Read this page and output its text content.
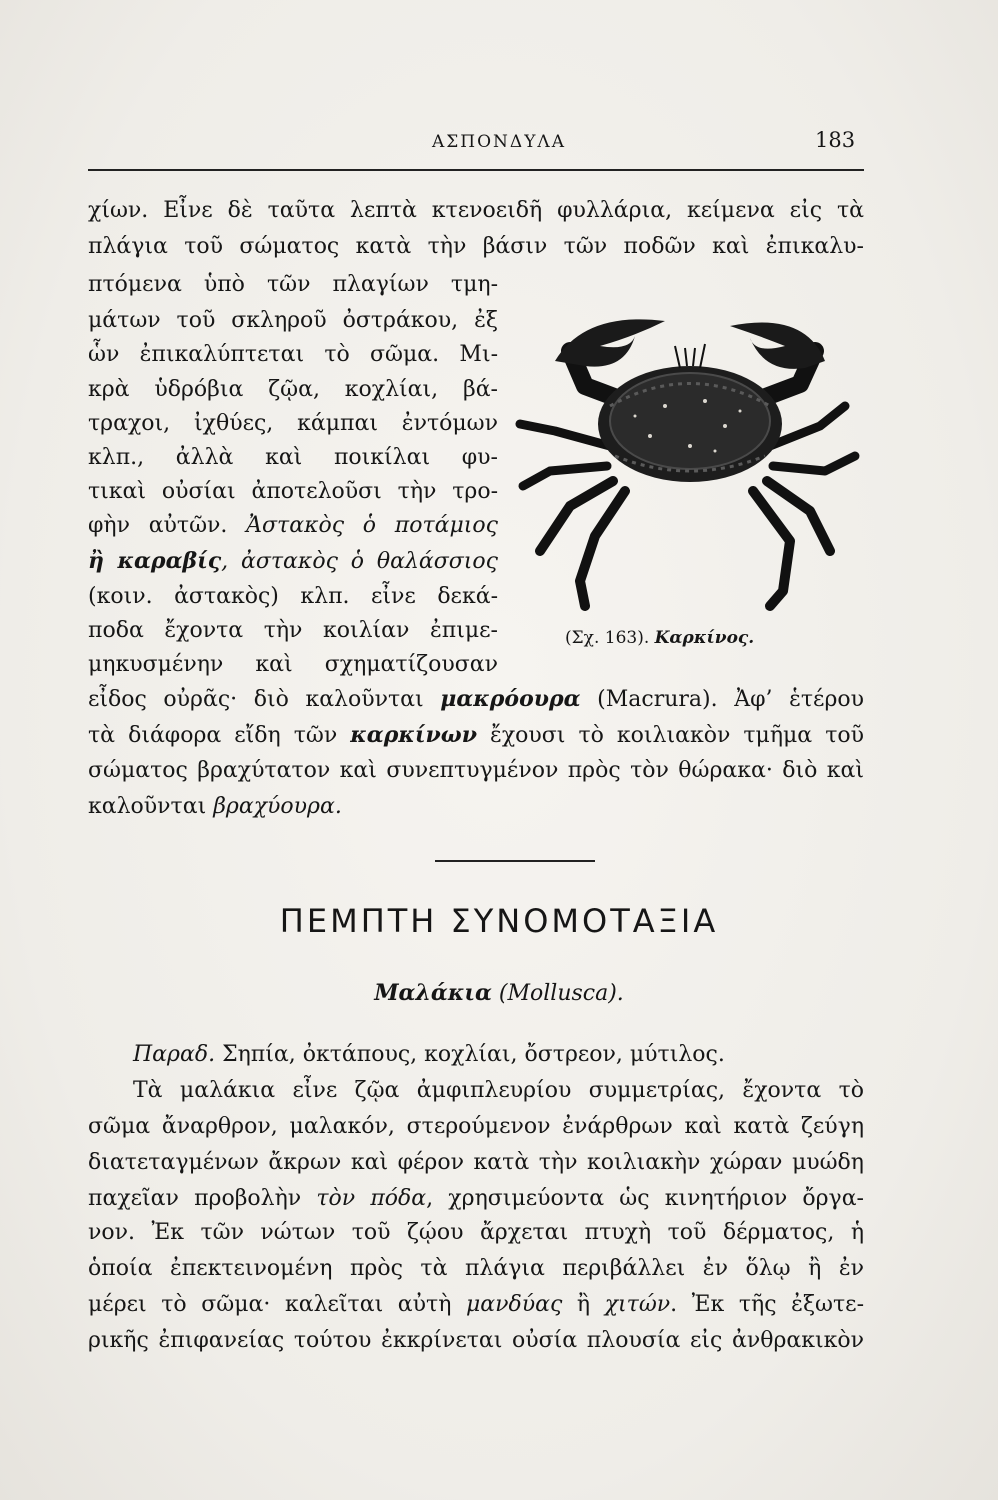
ΑΣΠΟΝΔΥΛΑ	183
χίων. Εἶνε δὲ ταῦτα λεπτὰ κτενοειδῆ φυλλάρια, κείμενα εἰς τὰ
πλάγια τοῦ σώματος κατὰ τὴν βάσιν τῶν ποδῶν καὶ ἐπικαλυ-
πτόμενα ὑπὸ τῶν πλαγίων τμη-
μάτων τοῦ σκληροῦ ὀστράκου, ἐξ
ὧν ἐπικαλύπτεται τὸ σῶμα. Μι-
κρὰ ὑδρόβια ζῷα, κοχλίαι, βά-
τραχοι, ἰχθύες, κάμπαι ἐντόμων
κλπ., ἀλλὰ καὶ ποικίλαι φυ-
τικαὶ οὐσίαι ἀποτελοῦσι τὴν τρο-
φὴν αὐτῶν. Ἀστακὸς ὁ ποτάμιος
ἢ καραβίς, ἀστακὸς ὁ θαλάσσιος
(κοιν. ἀστακὸς) κλπ. εἶνε δεκά-
ποδα ἔχοντα τὴν κοιλίαν ἐπιμε-
μηκυσμένην καὶ σχηματίζουσαν
εἶδος οὐρᾶς· διὸ καλοῦνται μακρόουρα (Macrura). Ἀφ’ ἑτέρου
τὰ διάφορα εἴδη τῶν καρκίνων ἔχουσι τὸ κοιλιακὸν τμῆμα τοῦ
σώματος βραχύτατον καὶ συνεπτυγμένον πρὸς τὸν θώρακα· διὸ καὶ
καλοῦνται βραχύουρα.
(Σχ. 163). Καρκίνος.
ΠΕΜΠΤΗ ΣΥΝΟΜΟΤΑΞΙΑ
Μαλάκια (Mollusca).
Παραδ. Σηπία, ὀκτάπους, κοχλίαι, ὄστρεον, μύτιλος.
Τὰ μαλάκια εἶνε ζῷα ἀμφιπλευρίου συμμετρίας, ἔχοντα τὸ
σῶμα ἄναρθρον, μαλακόν, στερούμενον ἐνάρθρων καὶ κατὰ ζεύγη
διατεταγμένων ἄκρων καὶ φέρον κατὰ τὴν κοιλιακὴν χώραν μυώδη
παχεῖαν προβολὴν τὸν πόδα, χρησιμεύοντα ὡς κινητήριον ὄργα-
νον. Ἐκ τῶν νώτων τοῦ ζῴου ἄρχεται πτυχὴ τοῦ δέρματος, ἡ
ὁποία ἐπεκτεινομένη πρὸς τὰ πλάγια περιβάλλει ἐν ὅλῳ ἢ ἐν
μέρει τὸ σῶμα· καλεῖται αὐτὴ μανδύας ἢ χιτών. Ἐκ τῆς ἐξωτε-
ρικῆς ἐπιφανείας τούτου ἐκκρίνεται οὐσία πλουσία εἰς ἀνθρακικὸν
